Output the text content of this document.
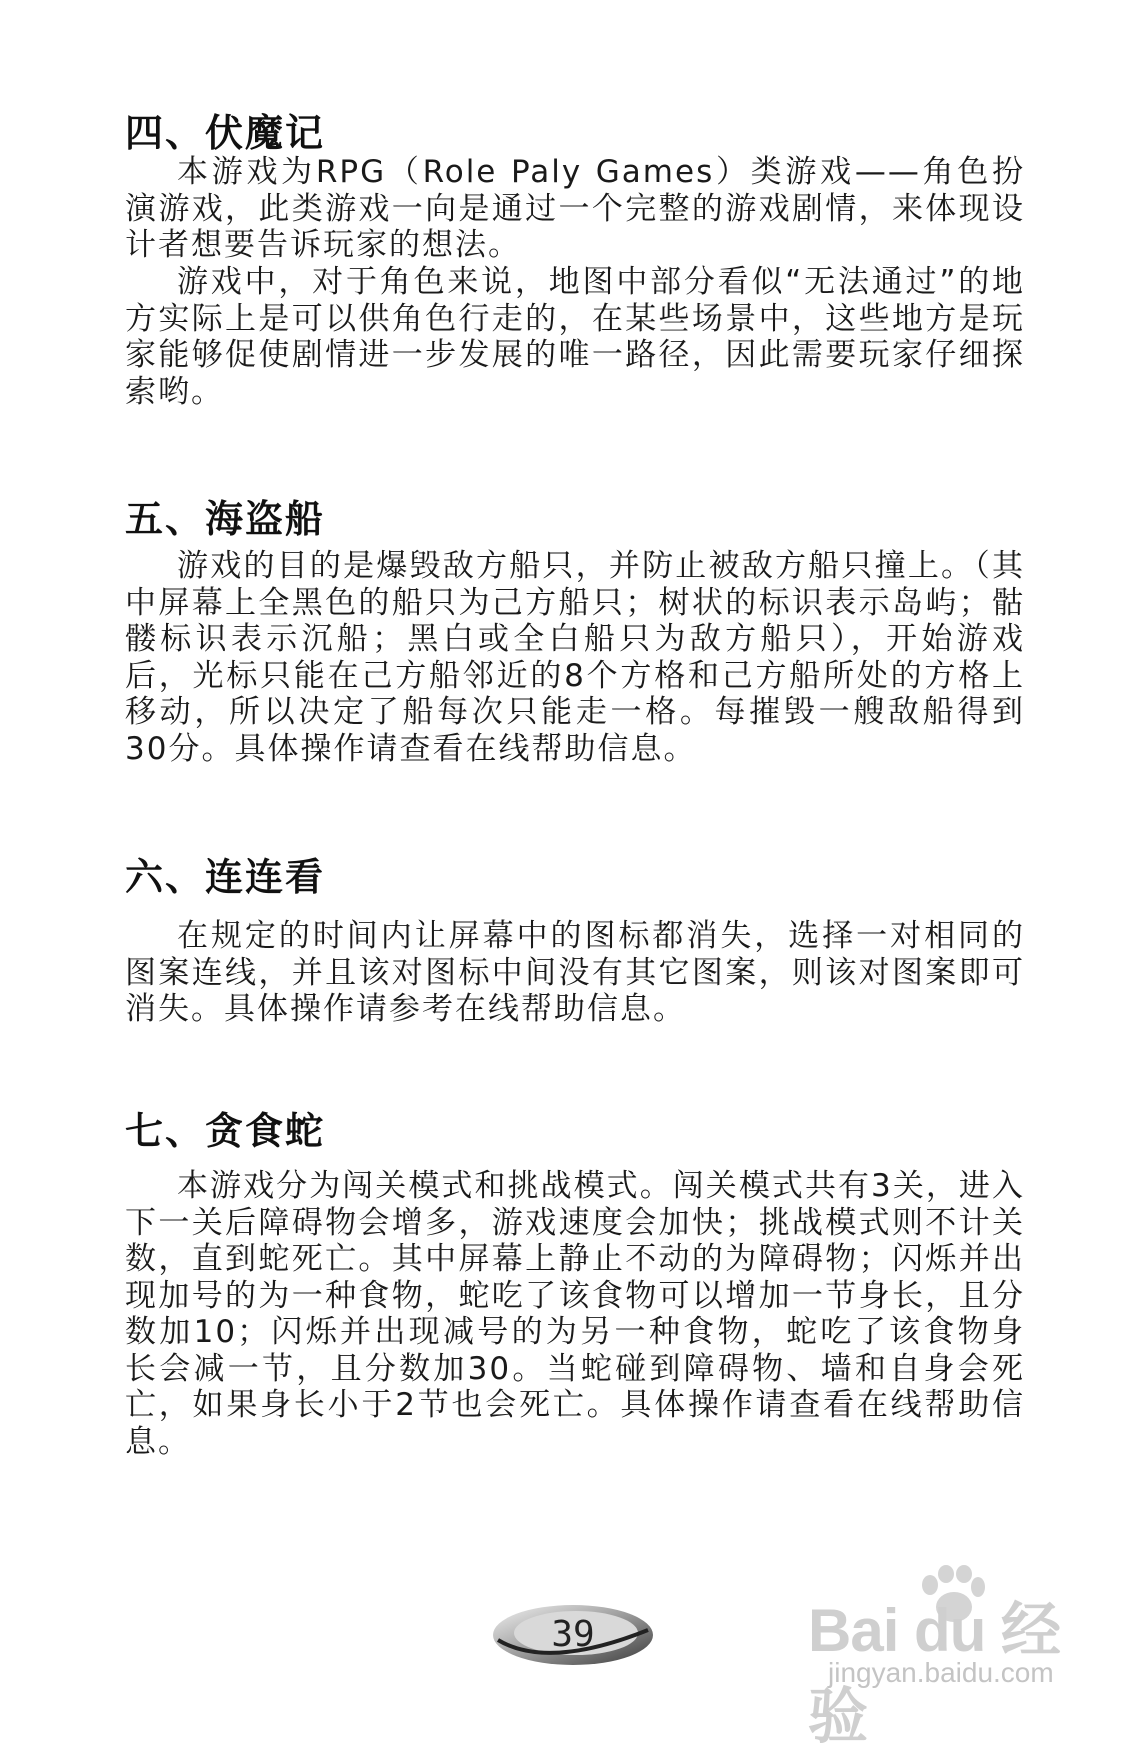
四、伏魔记
本游戏为RPG（Role Paly Games）类游戏——角色扮演游戏，此类游戏一向是通过一个完整的游戏剧情，来体现设计者想要告诉玩家的想法。
游戏中，对于角色来说，地图中部分看似“无法通过”的地方实际上是可以供角色行走的，在某些场景中，这些地方是玩家能够促使剧情进一步发展的唯一路径，因此需要玩家仔细探索哟。
五、海盗船
游戏的目的是爆毁敌方船只，并防止被敌方船只撞上。（其中屏幕上全黑色的船只为己方船只；树状的标识表示岛屿；骷髅标识表示沉船；黑白或全白船只为敌方船只），开始游戏后，光标只能在己方船邻近的8个方格和己方船所处的方格上移动，所以决定了船每次只能走一格。每摧毁一艘敌船得到30分。具体操作请查看在线帮助信息。
六、连连看
在规定的时间内让屏幕中的图标都消失，选择一对相同的图案连线，并且该对图标中间没有其它图案，则该对图案即可消失。具体操作请参考在线帮助信息。
七、贪食蛇
本游戏分为闯关模式和挑战模式。闯关模式共有3关，进入下一关后障碍物会增多，游戏速度会加快；挑战模式则不计关数，直到蛇死亡。其中屏幕上静止不动的为障碍物；闪烁并出现加号的为一种食物，蛇吃了该食物可以增加一节身长，且分数加10；闪烁并出现减号的为另一种食物，蛇吃了该食物身长会减一节，且分数加30。当蛇碰到障碍物、墙和自身会死亡，如果身长小于2节也会死亡。具体操作请查看在线帮助信息。
39	Bai du 经验
jingyan.baidu.com
